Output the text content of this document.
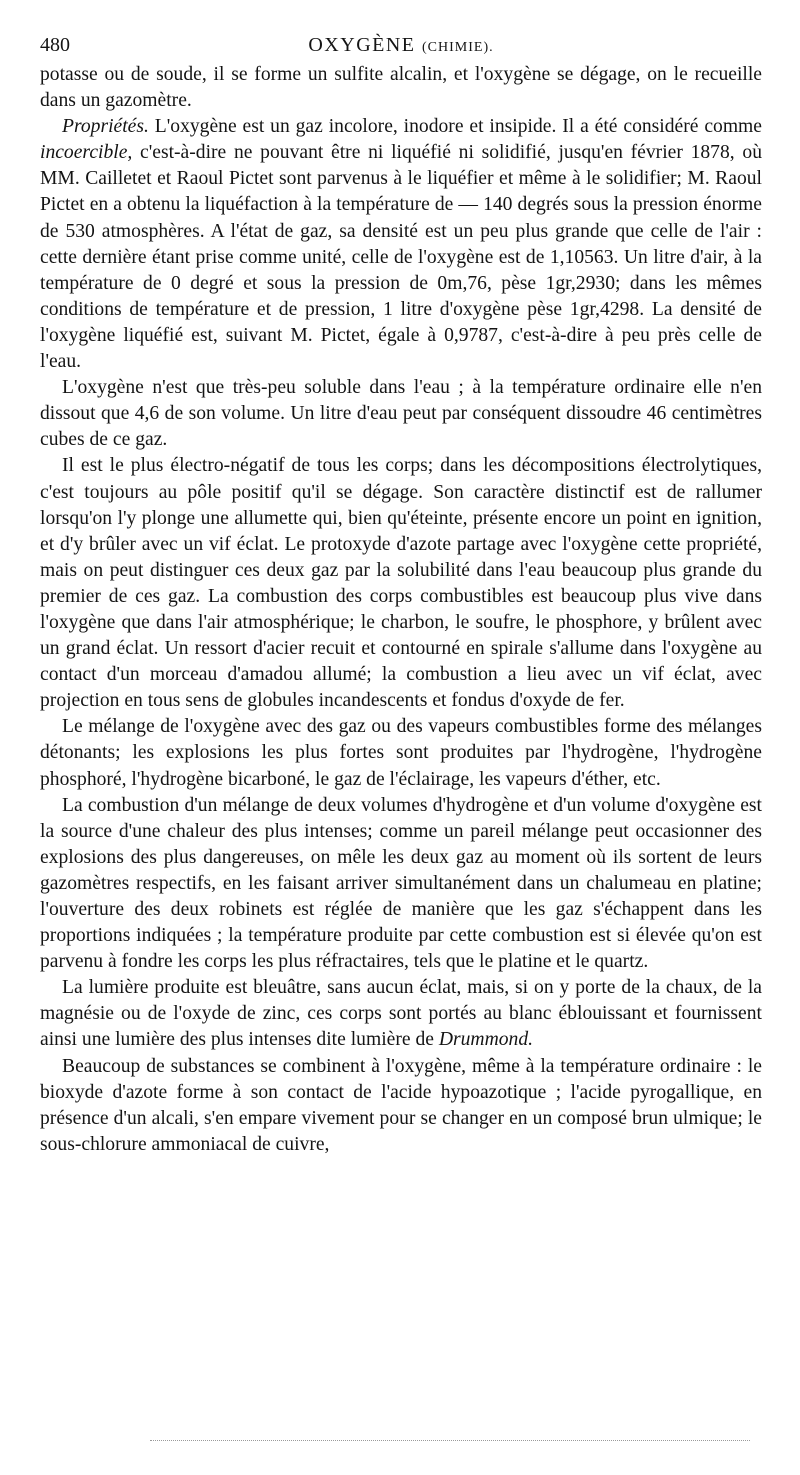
480	OXYGÈNE (CHIMIE).

potasse ou de soude, il se forme un sulfite alcalin, et l'oxygène se dégage, on le recueille dans un gazomètre.

Propriétés. L'oxygène est un gaz incolore, inodore et insipide. Il a été considéré comme incoercible, c'est-à-dire ne pouvant être ni liquéfié ni solidifié, jusqu'en février 1878, où MM. Cailletet et Raoul Pictet sont parvenus à le liquéfier et même à le solidifier; M. Raoul Pictet en a obtenu la liquéfaction à la température de — 140 degrés sous la pression énorme de 530 atmosphères. A l'état de gaz, sa densité est un peu plus grande que celle de l'air : cette dernière étant prise comme unité, celle de l'oxygène est de 1,10563. Un litre d'air, à la température de 0 degré et sous la pression de 0m,76, pèse 1gr,2930; dans les mêmes conditions de température et de pression, 1 litre d'oxygène pèse 1gr,4298. La densité de l'oxygène liquéfié est, suivant M. Pictet, égale à 0,9787, c'est-à-dire à peu près celle de l'eau.

L'oxygène n'est que très-peu soluble dans l'eau ; à la température ordinaire elle n'en dissout que 4,6 de son volume. Un litre d'eau peut par conséquent dissoudre 46 centimètres cubes de ce gaz.

Il est le plus électro-négatif de tous les corps; dans les décompositions électrolytiques, c'est toujours au pôle positif qu'il se dégage. Son caractère distinctif est de rallumer lorsqu'on l'y plonge une allumette qui, bien qu'éteinte, présente encore un point en ignition, et d'y brûler avec un vif éclat. Le protoxyde d'azote partage avec l'oxygène cette propriété, mais on peut distinguer ces deux gaz par la solubilité dans l'eau beaucoup plus grande du premier de ces gaz. La combustion des corps combustibles est beaucoup plus vive dans l'oxygène que dans l'air atmosphérique; le charbon, le soufre, le phosphore, y brûlent avec un grand éclat. Un ressort d'acier recuit et contourné en spirale s'allume dans l'oxygène au contact d'un morceau d'amadou allumé; la combustion a lieu avec un vif éclat, avec projection en tous sens de globules incandescents et fondus d'oxyde de fer.

Le mélange de l'oxygène avec des gaz ou des vapeurs combustibles forme des mélanges détonants; les explosions les plus fortes sont produites par l'hydrogène, l'hydrogène phosphoré, l'hydrogène bicarboné, le gaz de l'éclairage, les vapeurs d'éther, etc.

La combustion d'un mélange de deux volumes d'hydrogène et d'un volume d'oxygène est la source d'une chaleur des plus intenses; comme un pareil mélange peut occasionner des explosions des plus dangereuses, on mêle les deux gaz au moment où ils sortent de leurs gazomètres respectifs, en les faisant arriver simultanément dans un chalumeau en platine; l'ouverture des deux robinets est réglée de manière que les gaz s'échappent dans les proportions indiquées ; la température produite par cette combustion est si élevée qu'on est parvenu à fondre les corps les plus réfractaires, tels que le platine et le quartz.

La lumière produite est bleuâtre, sans aucun éclat, mais, si on y porte de la chaux, de la magnésie ou de l'oxyde de zinc, ces corps sont portés au blanc éblouissant et fournissent ainsi une lumière des plus intenses dite lumière de Drummond.

Beaucoup de substances se combinent à l'oxygène, même à la température ordinaire : le bioxyde d'azote forme à son contact de l'acide hypoazotique ; l'acide pyrogallique, en présence d'un alcali, s'en empare vivement pour se changer en un composé brun ulmique; le sous-chlorure ammoniacal de cuivre,
